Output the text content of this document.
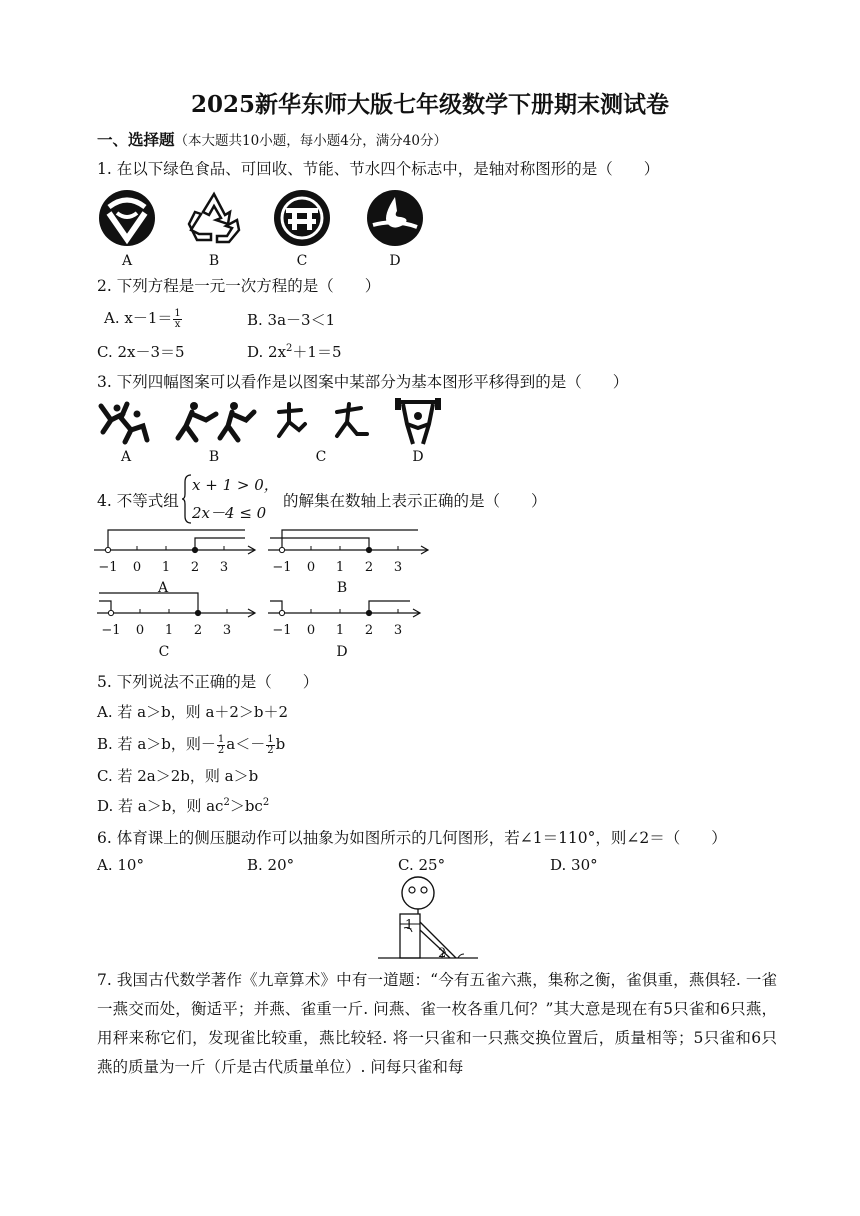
2025新华东师大版七年级数学下册期末测试卷
一、选择题（本大题共10小题，每小题4分，满分40分）
1. 在以下绿色食品、可回收、节能、节水四个标志中，是轴对称图形的是（　　）
A	B	C	D
2. 下列方程是一元一次方程的是（　　）
A. $x-1= \frac{1}{x}$	B. 3a－3＜1
C. 2x－3＝5	D. $2x^2+1=5$
3. 下列四幅图案可以看作是以图案中某部分为基本图形平移得到的是（　　）
A	B	C	D
4. 不等式组
x + 1 > 0，
2x－4 ≤ 0
的解集在数轴上表示正确的是（　　）
−1 0 1 2 3	−1 0 1 2 3
−1 0 1 2 3	−1 0 1 2 3
A	B
C	D
5. 下列说法不正确的是（　　）
A. 若 a＞b，则 a＋2＞b＋2
B. 若 a＞b，则－ $\frac{1}{2} a<- \frac{1}{2}$ b
C. 若 2a＞2b，则 a＞b
D. 若 a＞b，则 $ac^2>bc^2$
6. 体育课上的侧压腿动作可以抽象为如图所示的几何图形，若∠1＝110°，则∠2＝（　　）
A. 10°	B. 20°	C. 25°	D. 30°
1
2
7. 我国古代数学著作《九章算术》中有一道题：“今有五雀六燕，集称之衡，雀俱重，燕俱轻. 一雀一燕交而处，衡适平；并燕、雀重一斤. 问燕、雀一枚各重几何？”其大意是现在有5只雀和6只燕，用秤来称它们，发现雀比较重，燕比较轻. 将一只雀和一只燕交换位置后，质量相等；5只雀和6只燕的质量为一斤（斤是古代质量单位）. 问每只雀和每
